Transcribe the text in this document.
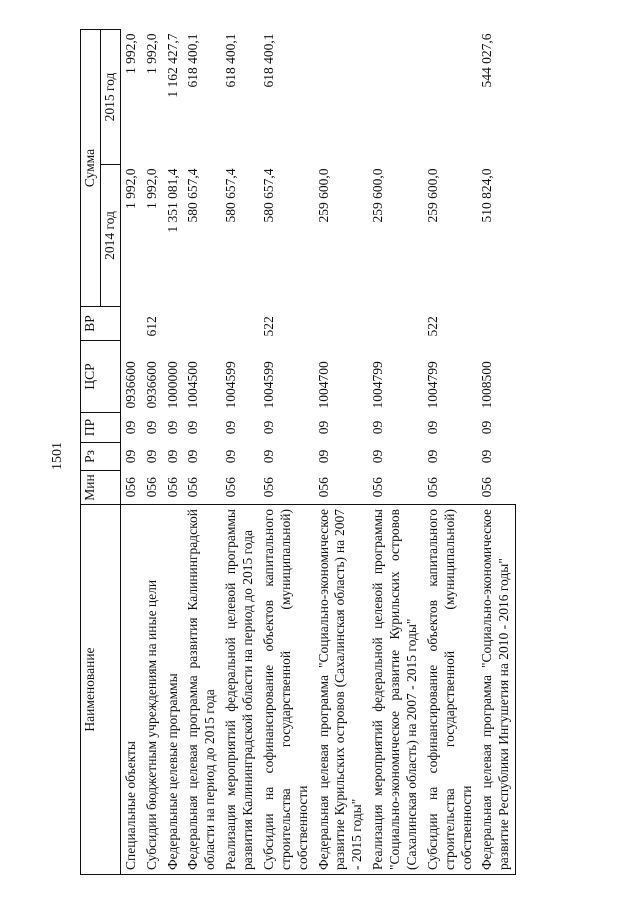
1501
Наименование	Мин	Рз	ПР	ЦСР	ВР	Сумма	
						2014 год	2015 год
Специальные объекты	056	09	09	0936600		1 992,0	1 992,0
Субсидии бюджетным учреждениям на иные цели	056	09	09	0936600	612	1 992,0	1 992,0
Федеральные целевые программы	056	09	09	1000000		1 351 081,4	1 162 427,7
Федеральная целевая программа развития Калининградской области на период до 2015 года	056	09	09	1004500		580 657,4	618 400,1
Реализация мероприятий федеральной целевой программы развития Калининградской области на период до 2015 года	056	09	09	1004599		580 657,4	618 400,1
Субсидии на софинансирование объектов капитального строительства государственной (муниципальной) собственности	056	09	09	1004599	522	580 657,4	618 400,1
Федеральная целевая программа "Социально-экономическое развитие Курильских островов (Сахалинская область) на 2007 - 2015 годы"	056	09	09	1004700		259 600,0	
Реализация мероприятий федеральной целевой программы "Социально-экономическое развитие Курильских островов (Сахалинская область) на 2007 - 2015 годы"	056	09	09	1004799		259 600,0	
Субсидии на софинансирование объектов капитального строительства государственной (муниципальной) собственности	056	09	09	1004799	522	259 600,0	
Федеральная целевая программа "Социально-экономическое развитие Республики Ингушетия на 2010 - 2016 годы"	056	09	09	1008500		510 824,0	544 027,6
